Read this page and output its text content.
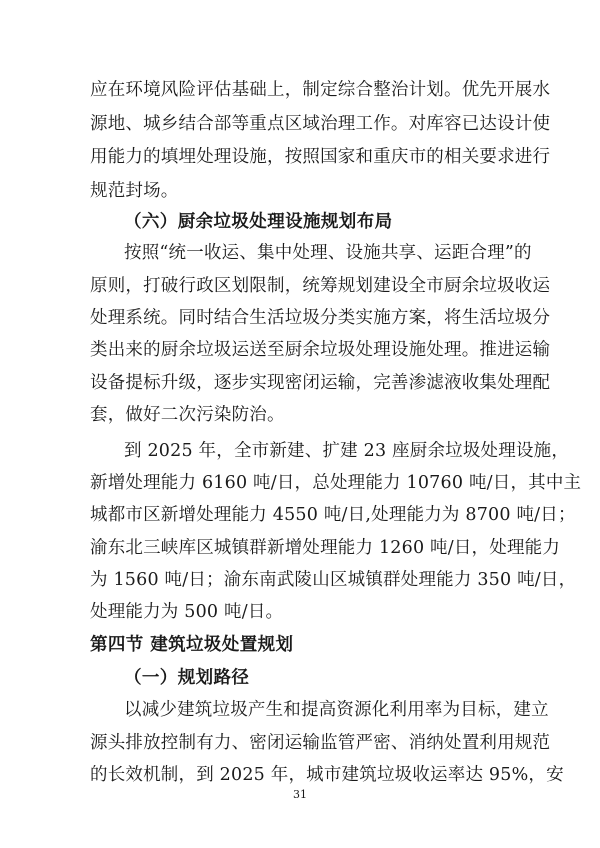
应在环境风险评估基础上，制定综合整治计划。优先开展水
源地、城乡结合部等重点区域治理工作。对库容已达设计使
用能力的填埋处理设施，按照国家和重庆市的相关要求进行
规范封场。
（六）厨余垃圾处理设施规划布局
按照“统一收运、集中处理、设施共享、运距合理”的
原则，打破行政区划限制，统筹规划建设全市厨余垃圾收运
处理系统。同时结合生活垃圾分类实施方案，将生活垃圾分
类出来的厨余垃圾运送至厨余垃圾处理设施处理。推进运输
设备提标升级，逐步实现密闭运输，完善渗滤液收集处理配
套，做好二次污染防治。
到 2025 年，全市新建、扩建 23 座厨余垃圾处理设施，
新增处理能力 6160 吨/日，总处理能力 10760 吨/日，其中主
城都市区新增处理能力 4550 吨/日,处理能力为 8700 吨/日；
渝东北三峡库区城镇群新增处理能力 1260 吨/日，处理能力
为 1560 吨/日；渝东南武陵山区城镇群处理能力 350 吨/日，
处理能力为 500 吨/日。
第四节 建筑垃圾处置规划
（一）规划路径
以减少建筑垃圾产生和提高资源化利用率为目标，建立
源头排放控制有力、密闭运输监管严密、消纳处置利用规范
的长效机制，到 2025 年，城市建筑垃圾收运率达 95%，安
31
